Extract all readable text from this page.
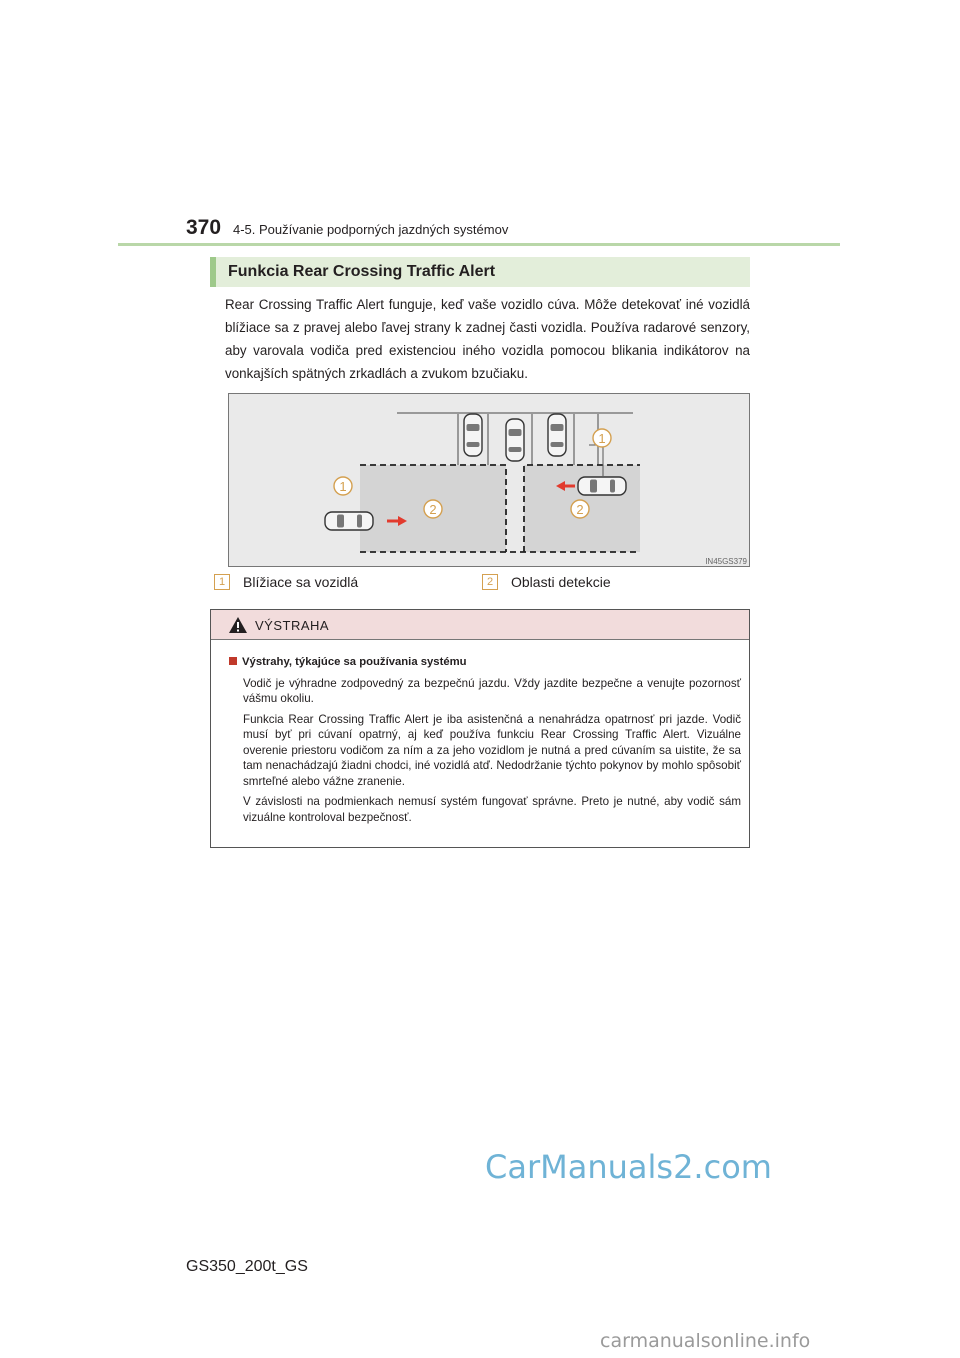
370 4-5. Používanie podporných jazdných systémov
Funkcia Rear Crossing Traffic Alert

Rear Crossing Traffic Alert funguje, keď vaše vozidlo cúva. Môže detekovať iné vozidlá blížiace sa z pravej alebo ľavej strany k zadnej časti vozidla. Používa radarové senzory, aby varovala vodiča pred existenciou iného vozidla pomocou blikania indikátorov na vonkajších spätných zrkadlách a zvukom bzučiaku.

1
2
1
2
IN45GS379
1	Blížiace sa vozidlá	2	Oblasti detekcie
VÝSTRAHA
Výstrahy, týkajúce sa používania systému

Vodič je výhradne zodpovedný za bezpečnú jazdu. Vždy jazdite bezpečne a venujte pozornosť vášmu okoliu.

Funkcia Rear Crossing Traffic Alert je iba asistenčná a nenahrádza opatrnosť pri jazde. Vodič musí byť pri cúvaní opatrný, aj keď používa funkciu Rear Crossing Traffic Alert. Vizuálne overenie priestoru vodičom za ním a za jeho vozidlom je nutná a pred cúvaním sa uistite, že sa tam nenachádzajú žiadni chodci, iné vozidlá atď. Nedodržanie týchto pokynov by mohlo spôsobiť smrteľné alebo vážne zranenie.

V závislosti na podmienkach nemusí systém fungovať správne. Preto je nutné, aby vodič sám vizuálne kontroloval bezpečnosť.

GS350_200t_GS
CarManuals2.com
carmanualsonline.info
